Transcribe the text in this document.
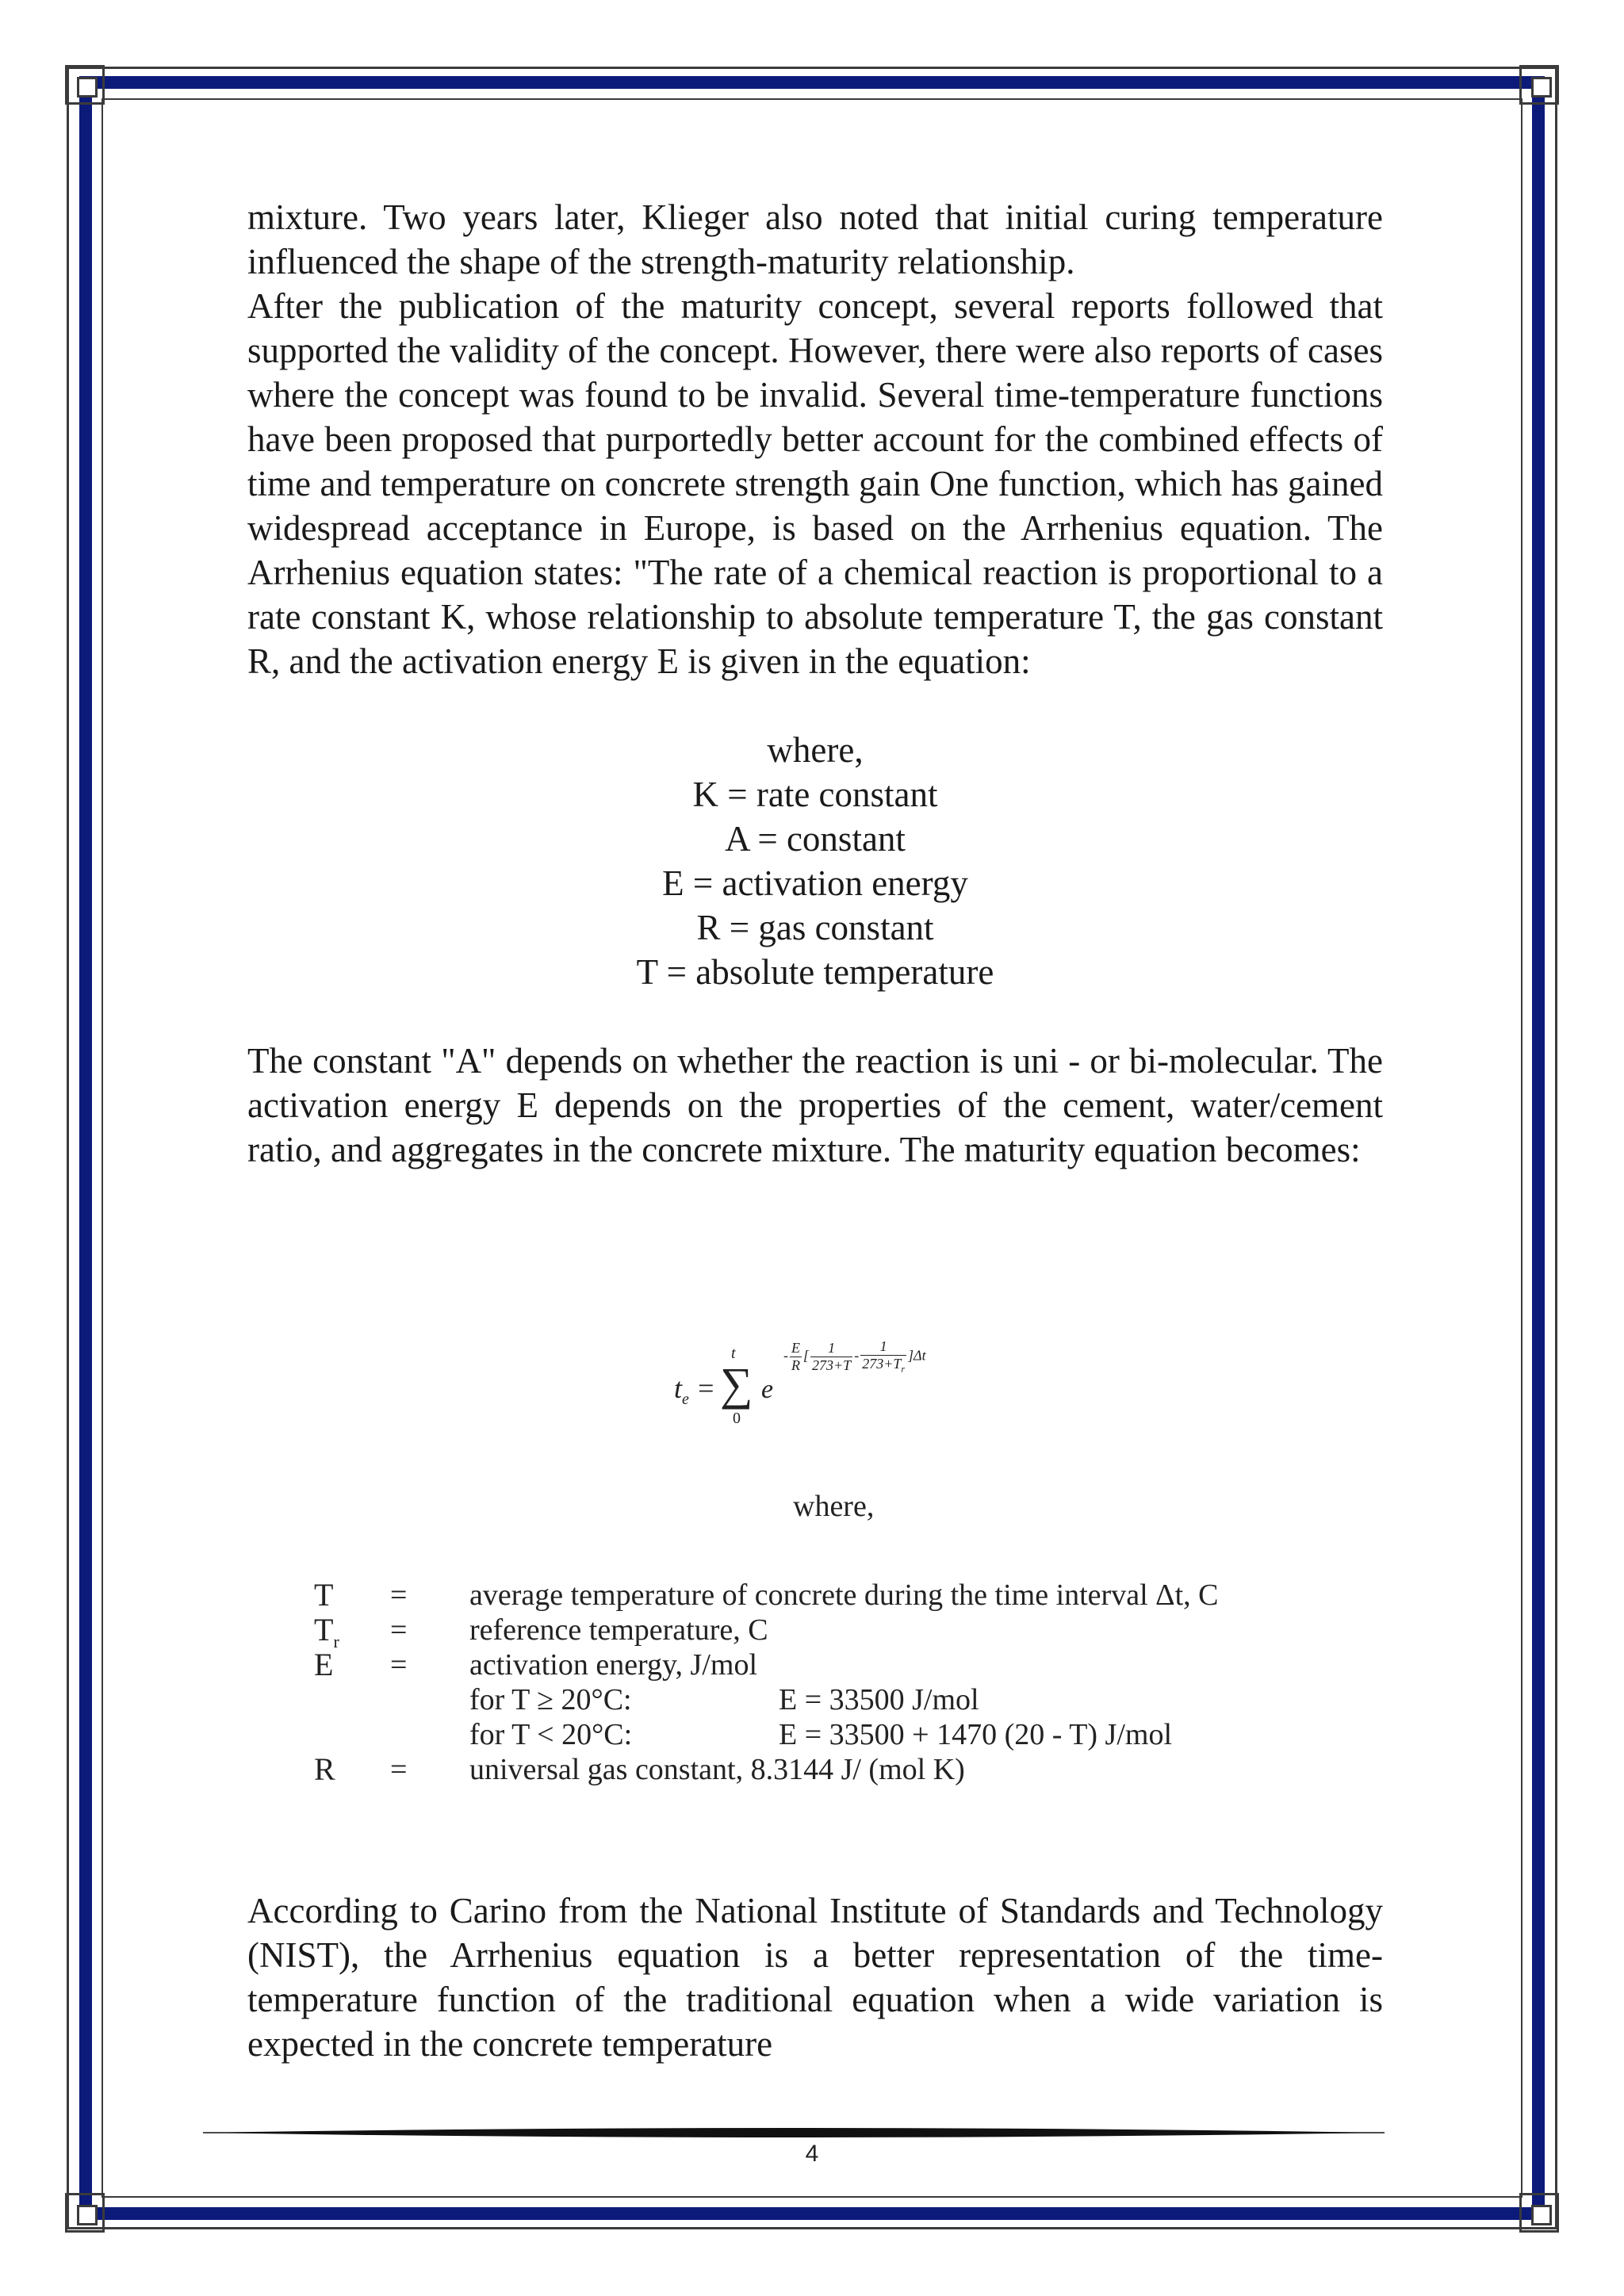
mixture. Two years later, Klieger also noted that initial curing temperature influenced the shape of the strength-maturity relationship.

After the publication of the maturity concept, several reports followed that supported the validity of the concept. However, there were also reports of cases where the concept was found to be invalid. Several time-temperature functions have been proposed that purportedly better account for the combined effects of time and temperature on concrete strength gain One function, which has gained widespread acceptance in Europe, is based on the Arrhenius equation. The Arrhenius equation states: "The rate of a chemical reaction is proportional to a rate constant K, whose relationship to absolute temperature T, the gas constant R, and the activation energy E is given in the equation:

where,
K = rate constant
A = constant
E = activation energy
R = gas constant
T = absolute temperature

The constant "A" depends on whether the reaction is uni - or bi-molecular. The activation energy E depends on the properties of the cement, water/cement ratio, and aggregates in the concrete mixture. The maturity equation becomes:

$t_e$ = ∑
t
0
e
- $\frac{E}{R}$ [ $\frac{1}{273+T} - \frac{1}{273+T_r} ]\Delta t$
where,
T = average temperature of concrete during the time interval Δt, C
$T_r$ = reference temperature, C
E = activation energy, J/mol
for T ≥ 20°C:	E = 33500 J/mol
for T < 20°C:	E = 33500 + 1470 (20 - T) J/mol
R = universal gas constant, 8.3144 J/ (mol K)

According to Carino from the National Institute of Standards and Technology (NIST), the Arrhenius equation is a better representation of the time-temperature function of the traditional equation when a wide variation is expected in the concrete temperature

4
